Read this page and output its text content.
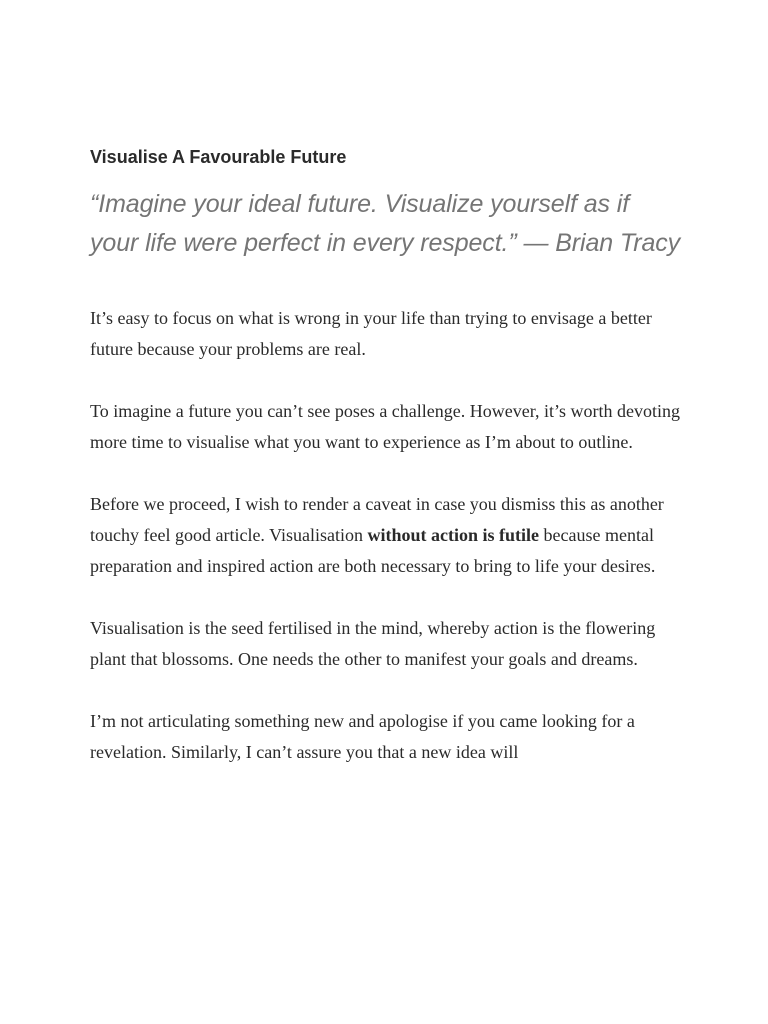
Visualise A Favourable Future

“Imagine your ideal future. Visualize yourself as if your life were perfect in every respect.” — Brian Tracy

It’s easy to focus on what is wrong in your life than trying to envisage a better future because your problems are real.

To imagine a future you can’t see poses a challenge. However, it’s worth devoting more time to visualise what you want to experience as I’m about to outline.

Before we proceed, I wish to render a caveat in case you dismiss this as another touchy feel good article. Visualisation without action is futile because mental preparation and inspired action are both necessary to bring to life your desires.

Visualisation is the seed fertilised in the mind, whereby action is the flowering plant that blossoms. One needs the other to manifest your goals and dreams.

I’m not articulating something new and apologise if you came looking for a revelation. Similarly, I can’t assure you that a new idea will
